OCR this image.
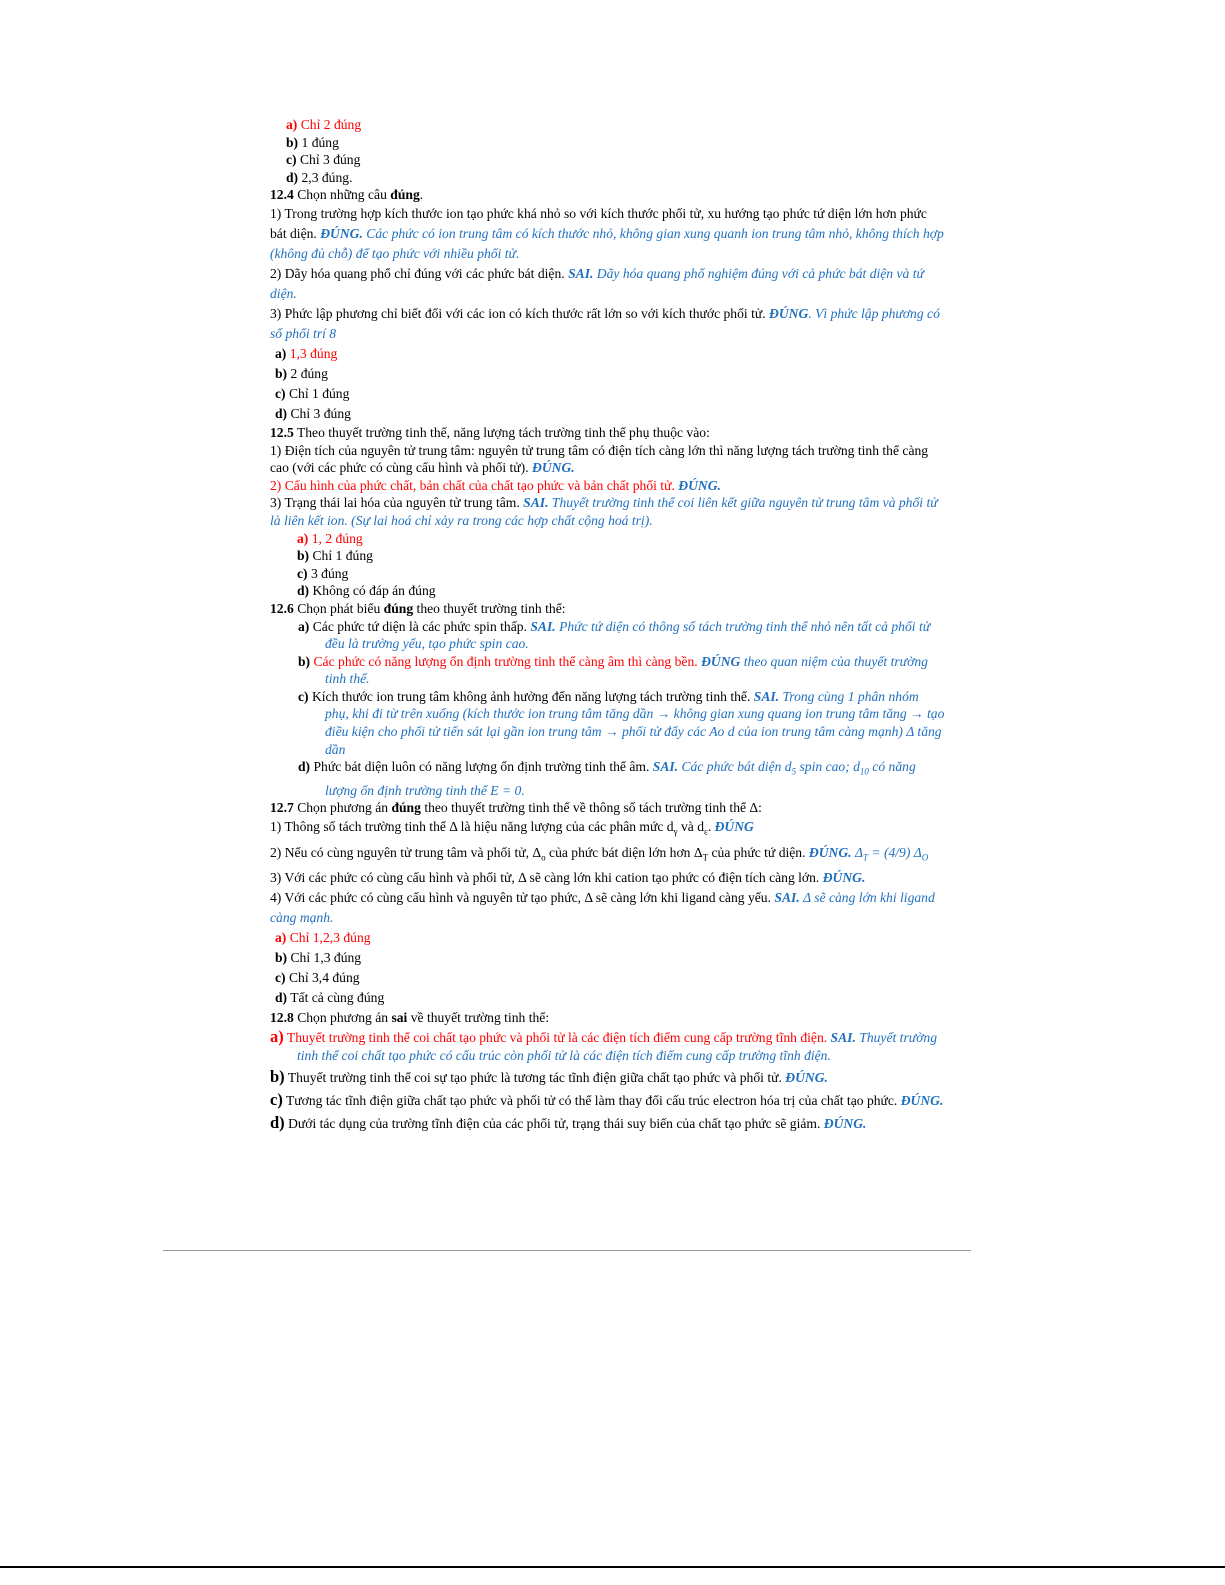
a) Chỉ 2 đúng
b) 1 đúng
c) Chỉ 3 đúng
d) 2,3 đúng.
12.4 Chọn những câu đúng.
1) Trong trường hợp kích thước ion tạo phức khá nhỏ so với kích thước phối tử, xu hướng tạo phức tứ diện lớn hơn phức bát diện. ĐÚNG. Các phức có ion trung tâm có kích thước nhỏ, không gian xung quanh ion trung tâm nhỏ, không thích hợp (không đủ chỗ) để tạo phức với nhiều phối tử.
2) Dãy hóa quang phổ chỉ đúng với các phức bát diện. SAI. Dãy hóa quang phổ nghiệm đúng với cả phức bát diện và tứ diện.
3) Phức lập phương chỉ biết đối với các ion có kích thước rất lớn so với kích thước phối tử. ĐÚNG. Vì phức lập phương có số phối trí 8
a) 1,3 đúng
b) 2 đúng
c) Chỉ 1 đúng
d) Chỉ 3 đúng
12.5 Theo thuyết trường tinh thể, năng lượng tách trường tinh thể phụ thuộc vào:
1) Điện tích của nguyên tử trung tâm: nguyên tử trung tâm có điện tích càng lớn thì năng lượng tách trường tinh thể càng cao (với các phức có cùng cấu hình và phối tử). ĐÚNG.
2) Cấu hình của phức chất, bản chất của chất tạo phức và bản chất phối tử. ĐÚNG.
3) Trạng thái lai hóa của nguyên tử trung tâm. SAI. Thuyết trường tinh thể coi liên kết giữa nguyên tử trung tâm và phối tử là liên kết ion. (Sự lai hoá chỉ xảy ra trong các hợp chất cộng hoá trị).
a) 1, 2 đúng
b) Chỉ 1 đúng
c) 3 đúng
d) Không có đáp án đúng
12.6 Chọn phát biểu đúng theo thuyết trường tinh thể:
a) Các phức tứ diện là các phức spin thấp. SAI. Phức tứ diện có thông số tách trường tinh thể nhỏ nên tất cả phối tử đều là trường yếu, tạo phức spin cao.
b) Các phức có năng lượng ổn định trường tinh thể càng âm thì càng bền. ĐÚNG theo quan niệm của thuyết trường tinh thể.
c) Kích thước ion trung tâm không ảnh hưởng đến năng lượng tách trường tinh thể. SAI. Trong cùng 1 phân nhóm phụ, khi đi từ trên xuống (kích thước ion trung tâm tăng dần → không gian xung quang ion trung tâm tăng → tạo điều kiện cho phối tử tiến sát lại gần ion trung tâm → phối tử đẩy các Ao d của ion trung tâm càng mạnh) Δ tăng dần
d) Phức bát diện luôn có năng lượng ổn định trường tinh thể âm. SAI. Các phức bát diện $d_5$ spin cao; $d_{10}$ có năng lượng ổn định trường tinh thể E = 0.
12.7 Chọn phương án đúng theo thuyết trường tinh thể về thông số tách trường tinh thể Δ:
1) Thông số tách trường tinh thể Δ là hiệu năng lượng của các phân mức $d_\gamma$ và $d_\varepsilon$. ĐÚNG
2) Nếu có cùng nguyên tử trung tâm và phối tử, $\Delta_o$ của phức bát diện lớn hơn $\Delta_T$ của phức tứ diện. ĐÚNG. $\Delta_T = (4/9)$ $\Delta_O$
3) Với các phức có cùng cấu hình và phối tử, Δ sẽ càng lớn khi cation tạo phức có điện tích càng lớn. ĐÚNG.
4) Với các phức có cùng cấu hình và nguyên tử tạo phức, Δ sẽ càng lớn khi ligand càng yếu. SAI. Δ sẽ càng lớn khi ligand càng mạnh.
a) Chỉ 1,2,3 đúng
b) Chỉ 1,3 đúng
c) Chỉ 3,4 đúng
d) Tất cả cùng đúng
12.8 Chọn phương án sai về thuyết trường tinh thể:
a) Thuyết trường tinh thể coi chất tạo phức và phối tử là các điện tích điểm cung cấp trường tĩnh điện. SAI. Thuyết trường tinh thể coi chất tạo phức có cấu trúc còn phối tử là các điện tích điểm cung cấp trường tĩnh điện.
b) Thuyết trường tinh thể coi sự tạo phức là tương tác tĩnh điện giữa chất tạo phức và phối tử. ĐÚNG.
c) Tương tác tĩnh điện giữa chất tạo phức và phối tử có thể làm thay đổi cấu trúc electron hóa trị của chất tạo phức. ĐÚNG.
d) Dưới tác dụng của trường tĩnh điện của các phối tử, trạng thái suy biến của chất tạo phức sẽ giảm. ĐÚNG.
